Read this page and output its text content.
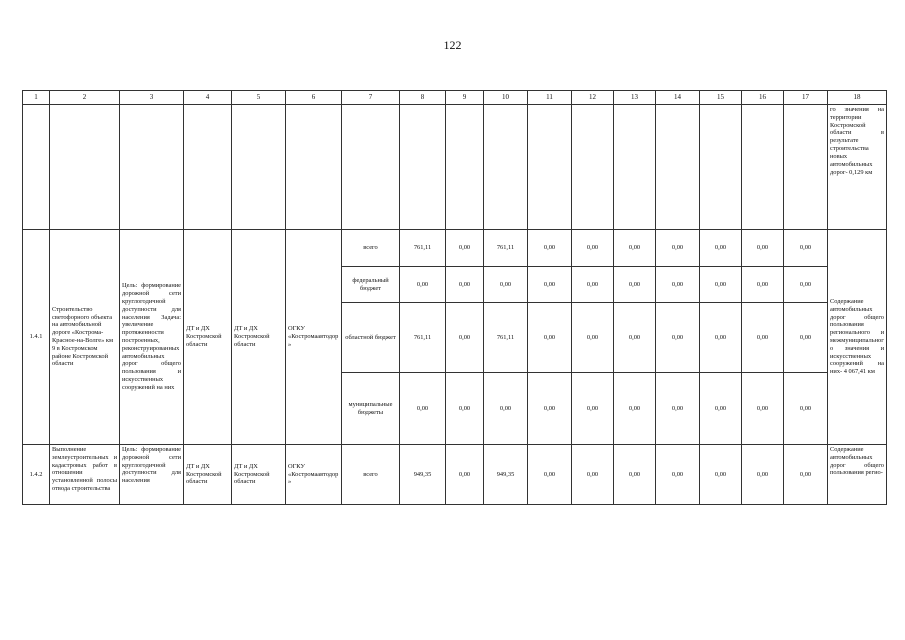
122
1	2	3	4	5	6	7	8	9	10	11	12	13	14	15	16	17	18
																	го значения на территории Костромской области в результате строительства новых автомобильных дорог- 0,129 км
1.4.1	Строительство светофорного объекта на автомобильной дороге «Кострома-Красное-на-Волге» км 9 в Костромском районе Костромской области	Цель: формирование дорожной сети круглогодичной доступности для населения Задача: увеличение протяженности построенных, реконструированных автомобильных дорог общего пользования и искусственных сооружений на них	ДТ и ДХ Костромской области	ДТ и ДХ Костромской области	ОГКУ «Костромаавтодор»	всего	761,11	0,00	761,11	0,00	0,00	0,00	0,00	0,00	0,00	0,00	Содержание автомобильных дорог общего пользования регионального и межмуниципального значения и искусственных сооружений на них- 4 067,41 км
						федеральный бюджет	0,00	0,00	0,00	0,00	0,00	0,00	0,00	0,00	0,00	0,00	
						областной бюджет	761,11	0,00	761,11	0,00	0,00	0,00	0,00	0,00	0,00	0,00	
						муниципальные бюджеты	0,00	0,00	0,00	0,00	0,00	0,00	0,00	0,00	0,00	0,00	
1.4.2	Выполнение землеустроительных и кадастровых работ в отношении установленной полосы отвода строительства	Цель: формирование дорожной сети круглогодичной доступности для населения	ДТ и ДХ Костромской области	ДТ и ДХ Костромской области	ОГКУ «Костромаавтодор»	всего	949,35	0,00	949,35	0,00	0,00	0,00	0,00	0,00	0,00	0,00	Содержание автомобильных дорог общего пользования регио-
